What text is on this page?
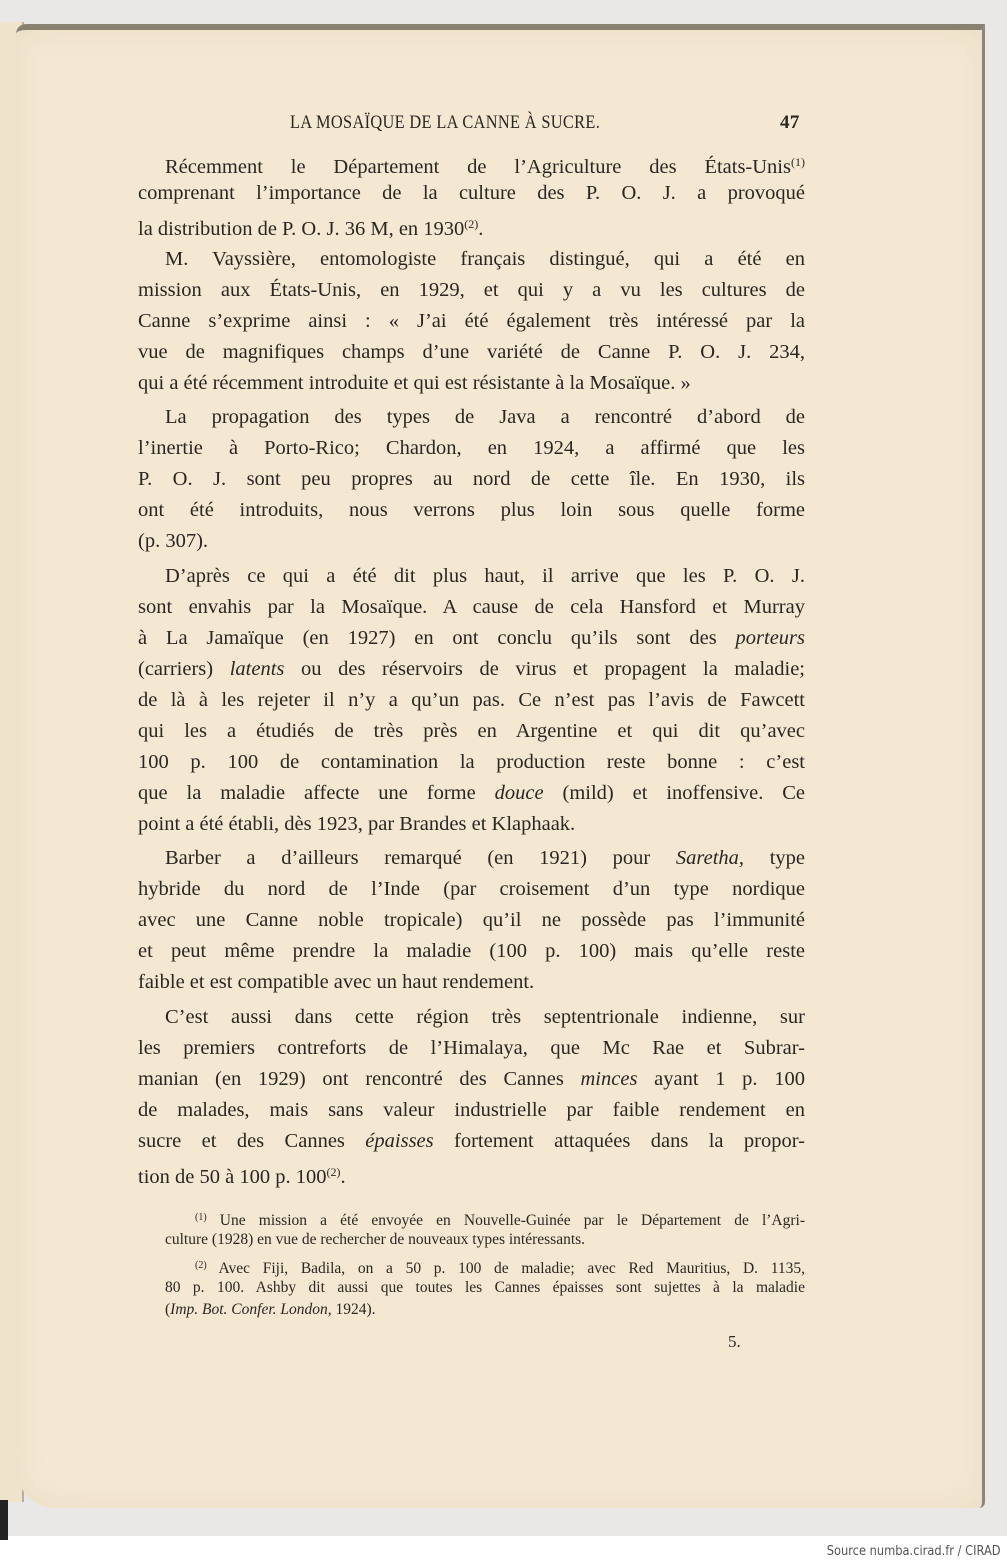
LA MOSAÏQUE DE LA CANNE À SUCRE.	47
Récemment le Département de l’Agriculture des États-Unis$^{(1)}$
comprenant l’importance de la culture des P. O. J. a provoqué
la distribution de P. O. J. 36 M, en 1930$^{(2)}$.
M. Vayssière, entomologiste français distingué, qui a été en
mission aux États-Unis, en 1929, et qui y a vu les cultures de
Canne s’exprime ainsi : « J’ai été également très intéressé par la
vue de magnifiques champs d’une variété de Canne P. O. J. 234,
qui a été récemment introduite et qui est résistante à la Mosaïque. »
La propagation des types de Java a rencontré d’abord de
l’inertie à Porto-Rico; Chardon, en 1924, a affirmé que les
P. O. J. sont peu propres au nord de cette île. En 1930, ils
ont été introduits, nous verrons plus loin sous quelle forme
(p. 307).
D’après ce qui a été dit plus haut, il arrive que les P. O. J.
sont envahis par la Mosaïque. A cause de cela Hansford et Murray
à La Jamaïque (en 1927) en ont conclu qu’ils sont des porteurs
(carriers) latents ou des réservoirs de virus et propagent la maladie;
de là à les rejeter il n’y a qu’un pas. Ce n’est pas l’avis de Fawcett
qui les a étudiés de très près en Argentine et qui dit qu’avec
100 p. 100 de contamination la production reste bonne : c’est
que la maladie affecte une forme douce (mild) et inoffensive. Ce
point a été établi, dès 1923, par Brandes et Klaphaak.
Barber a d’ailleurs remarqué (en 1921) pour Saretha, type
hybride du nord de l’Inde (par croisement d’un type nordique
avec une Canne noble tropicale) qu’il ne possède pas l’immunité
et peut même prendre la maladie (100 p. 100) mais qu’elle reste
faible et est compatible avec un haut rendement.
C’est aussi dans cette région très septentrionale indienne, sur
les premiers contreforts de l’Himalaya, que Mc Rae et Subrar-
manian (en 1929) ont rencontré des Cannes minces ayant 1 p. 100
de malades, mais sans valeur industrielle par faible rendement en
sucre et des Cannes épaisses fortement attaquées dans la propor-
tion de 50 à 100 p. 100$^{(2)}$.
$^{(1)}$ Une mission a été envoyée en Nouvelle-Guinée par le Département de l’Agri-
culture (1928) en vue de rechercher de nouveaux types intéressants.
$^{(2)}$ Avec Fiji, Badila, on a 50 p. 100 de maladie; avec Red Mauritius, D. 1135,
80 p. 100. Ashby dit aussi que toutes les Cannes épaisses sont sujettes à la maladie
(Imp. Bot. Confer. London, 1924).
5.
Source numba.cirad.fr / CIRAD
